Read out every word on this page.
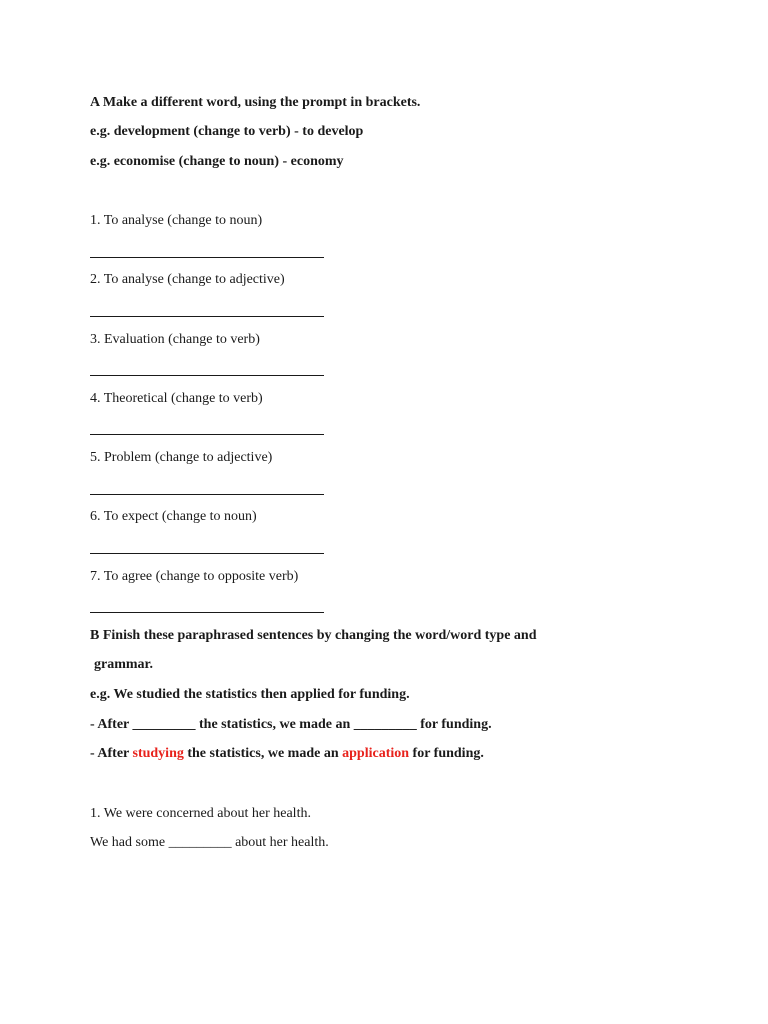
A Make a different word, using the prompt in brackets.
e.g. development (change to verb) - to develop
e.g. economise (change to noun) - economy
1. To analyse (change to noun)
2. To analyse (change to adjective)
3. Evaluation (change to verb)
4. Theoretical (change to verb)
5. Problem (change to adjective)
6. To expect (change to noun)
7. To agree (change to opposite verb)
B Finish these paraphrased sentences by changing the word/word type and
grammar.
e.g. We studied the statistics then applied for funding.
- After _________ the statistics, we made an _________ for funding.
- After studying the statistics, we made an application for funding.
1. We were concerned about her health.
We had some _________ about her health.
